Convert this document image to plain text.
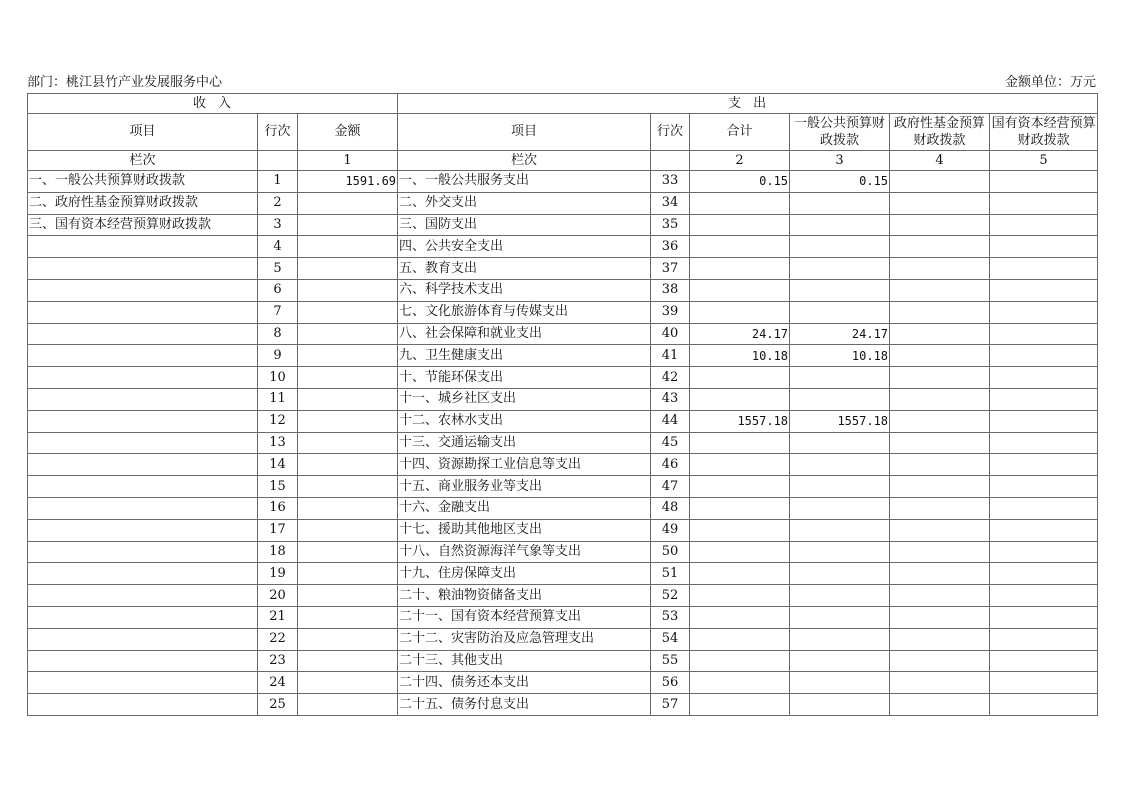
部门：桃江县竹产业发展服务中心	金额单位：万元
收入			支出					
项目	行次	金额	项目	行次	合计	一般公共预算财政拨款	政府性基金预算财政拨款	国有资本经营预算财政拨款
栏次		1	栏次		2	3	4	5
一、一般公共预算财政拨款	1	1591.69	一、一般公共服务支出	33	0.15	0.15		
二、政府性基金预算财政拨款	2		二、外交支出	34				
三、国有资本经营预算财政拨款	3		三、国防支出	35				
	4		四、公共安全支出	36				
	5		五、教育支出	37				
	6		六、科学技术支出	38				
	7		七、文化旅游体育与传媒支出	39				
	8		八、社会保障和就业支出	40	24.17	24.17		
	9		九、卫生健康支出	41	10.18	10.18		
	10		十、节能环保支出	42				
	11		十一、城乡社区支出	43				
	12		十二、农林水支出	44	1557.18	1557.18		
	13		十三、交通运输支出	45				
	14		十四、资源勘探工业信息等支出	46				
	15		十五、商业服务业等支出	47				
	16		十六、金融支出	48				
	17		十七、援助其他地区支出	49				
	18		十八、自然资源海洋气象等支出	50				
	19		十九、住房保障支出	51				
	20		二十、粮油物资储备支出	52				
	21		二十一、国有资本经营预算支出	53				
	22		二十二、灾害防治及应急管理支出	54				
	23		二十三、其他支出	55				
	24		二十四、债务还本支出	56				
	25		二十五、债务付息支出	57				
